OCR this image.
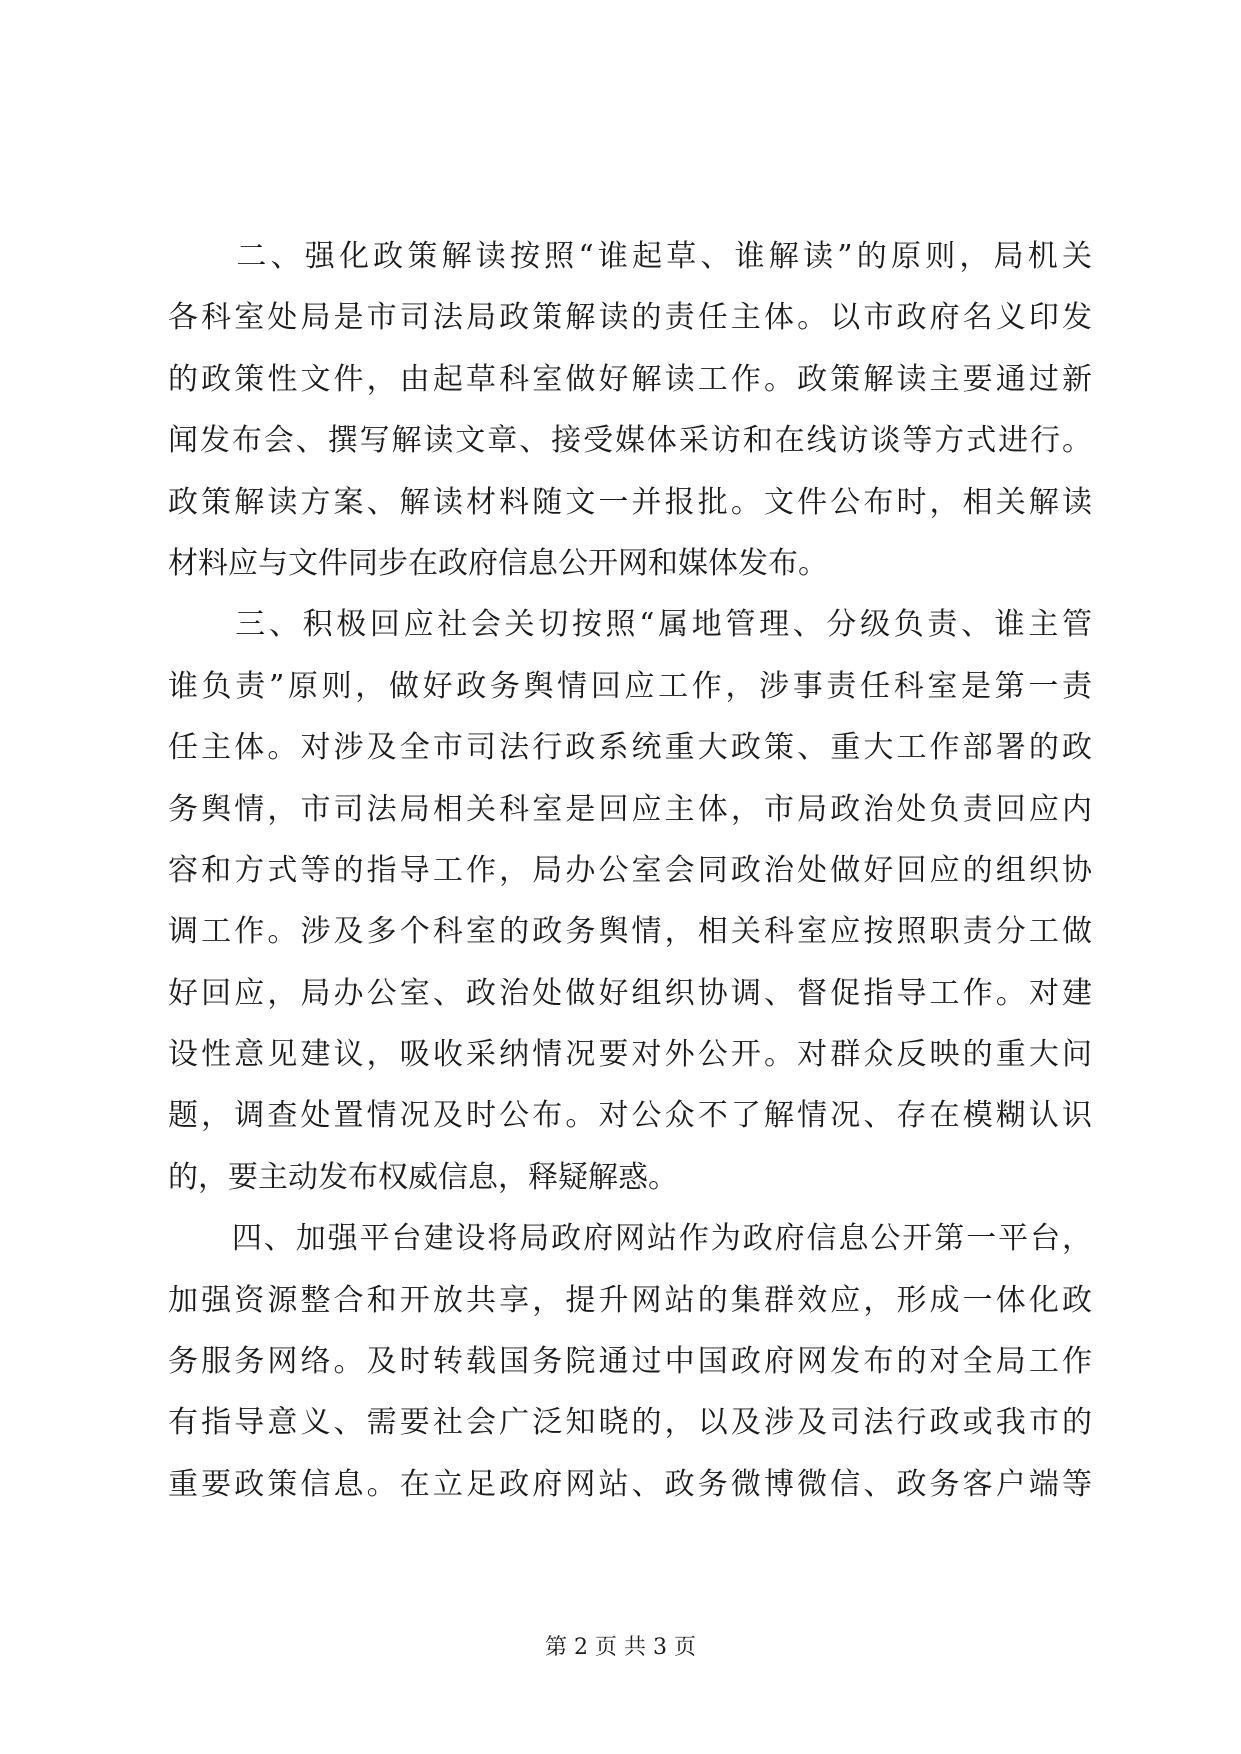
　　二、强化政策解读按照“谁起草、谁解读”的原则，局机关
各科室处局是市司法局政策解读的责任主体。以市政府名义印发
的政策性文件，由起草科室做好解读工作。政策解读主要通过新
闻发布会、撰写解读文章、接受媒体采访和在线访谈等方式进行。
政策解读方案、解读材料随文一并报批。文件公布时，相关解读
材料应与文件同步在政府信息公开网和媒体发布。
　　三、积极回应社会关切按照“属地管理、分级负责、谁主管
谁负责”原则，做好政务舆情回应工作，涉事责任科室是第一责
任主体。对涉及全市司法行政系统重大政策、重大工作部署的政
务舆情，市司法局相关科室是回应主体，市局政治处负责回应内
容和方式等的指导工作，局办公室会同政治处做好回应的组织协
调工作。涉及多个科室的政务舆情，相关科室应按照职责分工做
好回应，局办公室、政治处做好组织协调、督促指导工作。对建
设性意见建议，吸收采纳情况要对外公开。对群众反映的重大问
题，调查处置情况及时公布。对公众不了解情况、存在模糊认识
的，要主动发布权威信息，释疑解惑。
　　四、加强平台建设将局政府网站作为政府信息公开第一平台，
加强资源整合和开放共享，提升网站的集群效应，形成一体化政
务服务网络。及时转载国务院通过中国政府网发布的对全局工作
有指导意义、需要社会广泛知晓的，以及涉及司法行政或我市的
重要政策信息。在立足政府网站、政务微博微信、政务客户端等
第 2 页 共 3 页
